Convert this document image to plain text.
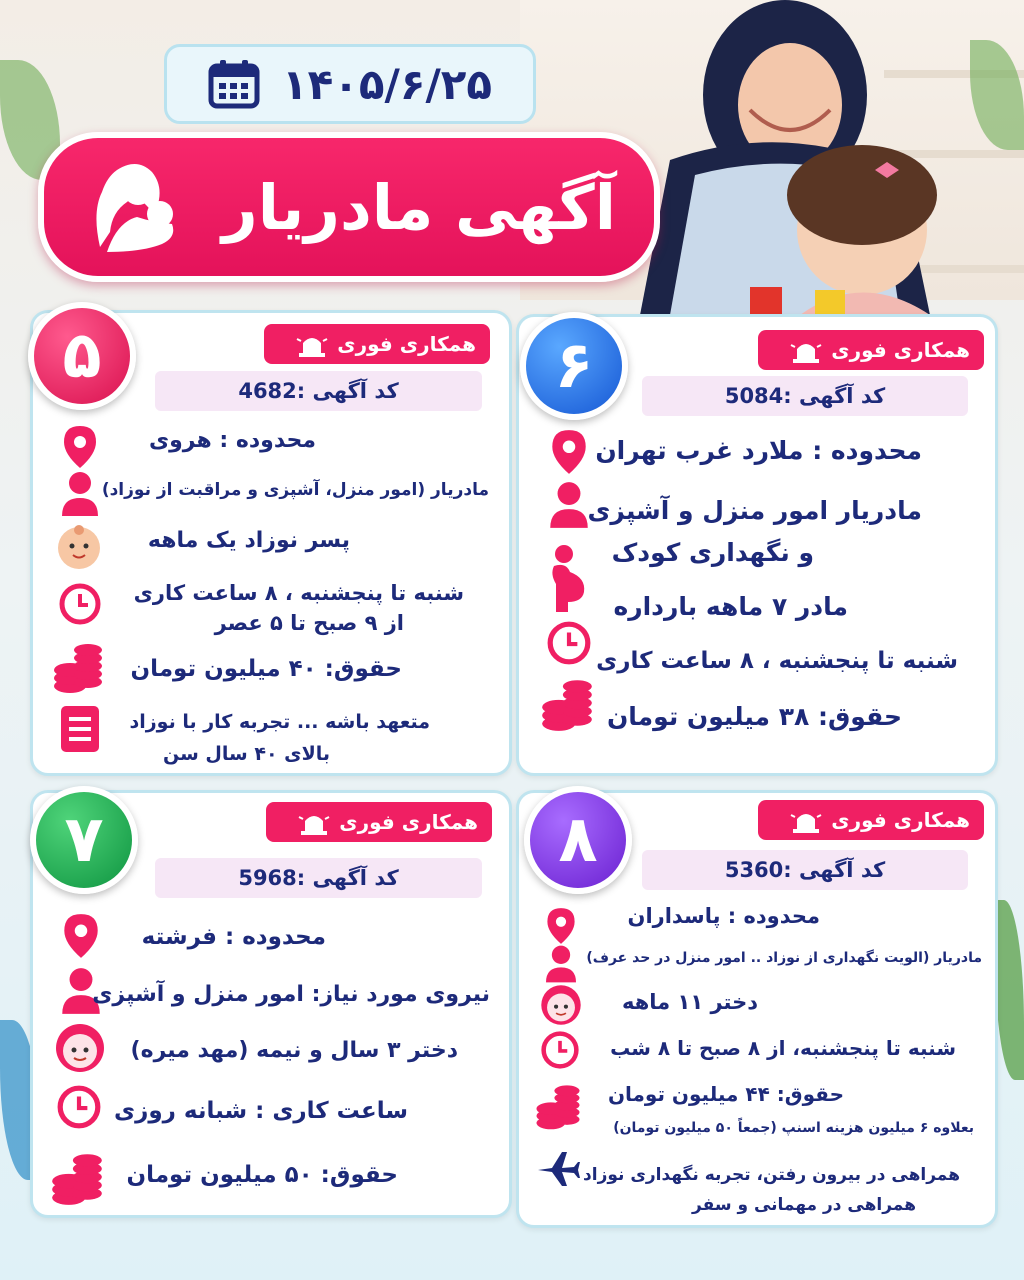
۱۴۰۵/۶/۲۵
آگهی مادریار
۵	همکاری فوری
کد آگهی :
4682
محدوده : هروی
مادریار (امور منزل، آشپزی و مراقبت از نوزاد)
پسر نوزاد یک ماهه
شنبه تا پنجشنبه ، ۸ ساعت کاری
از ۹ صبح تا ۵ عصر
حقوق: ۴۰ میلیون تومان
متعهد باشه ... تجربه کار با نوزاد
بالای ۴۰ سال سن
۶	همکاری فوری
کد آگهی :
5084
محدوده : ملارد غرب تهران
مادریار امور منزل و آشپزی
و نگهداری کودک
مادر ۷ ماهه بارداره
شنبه تا پنجشنبه ، ۸ ساعت کاری
حقوق: ۳۸ میلیون تومان
۷	همکاری فوری
کد آگهی :
5968
محدوده : فرشته
نیروی مورد نیاز: امور منزل و آشپزی
دختر ۳ سال و نیمه (مهد میره)
ساعت کاری : شبانه روزی
حقوق: ۵۰ میلیون تومان
۸	همکاری فوری
کد آگهی :
5360
محدوده : پاسداران
مادریار (الویت نگهداری از نوزاد .. امور منزل در حد عرف)
دختر ۱۱ ماهه
شنبه تا پنجشنبه، از ۸ صبح تا ۸ شب
حقوق: ۴۴ میلیون تومان
بعلاوه ۶ میلیون هزینه اسنپ (جمعاً ۵۰ میلیون تومان)
همراهی در بیرون رفتن، تجربه نگهداری نوزاد
همراهی در مهمانی و سفر
